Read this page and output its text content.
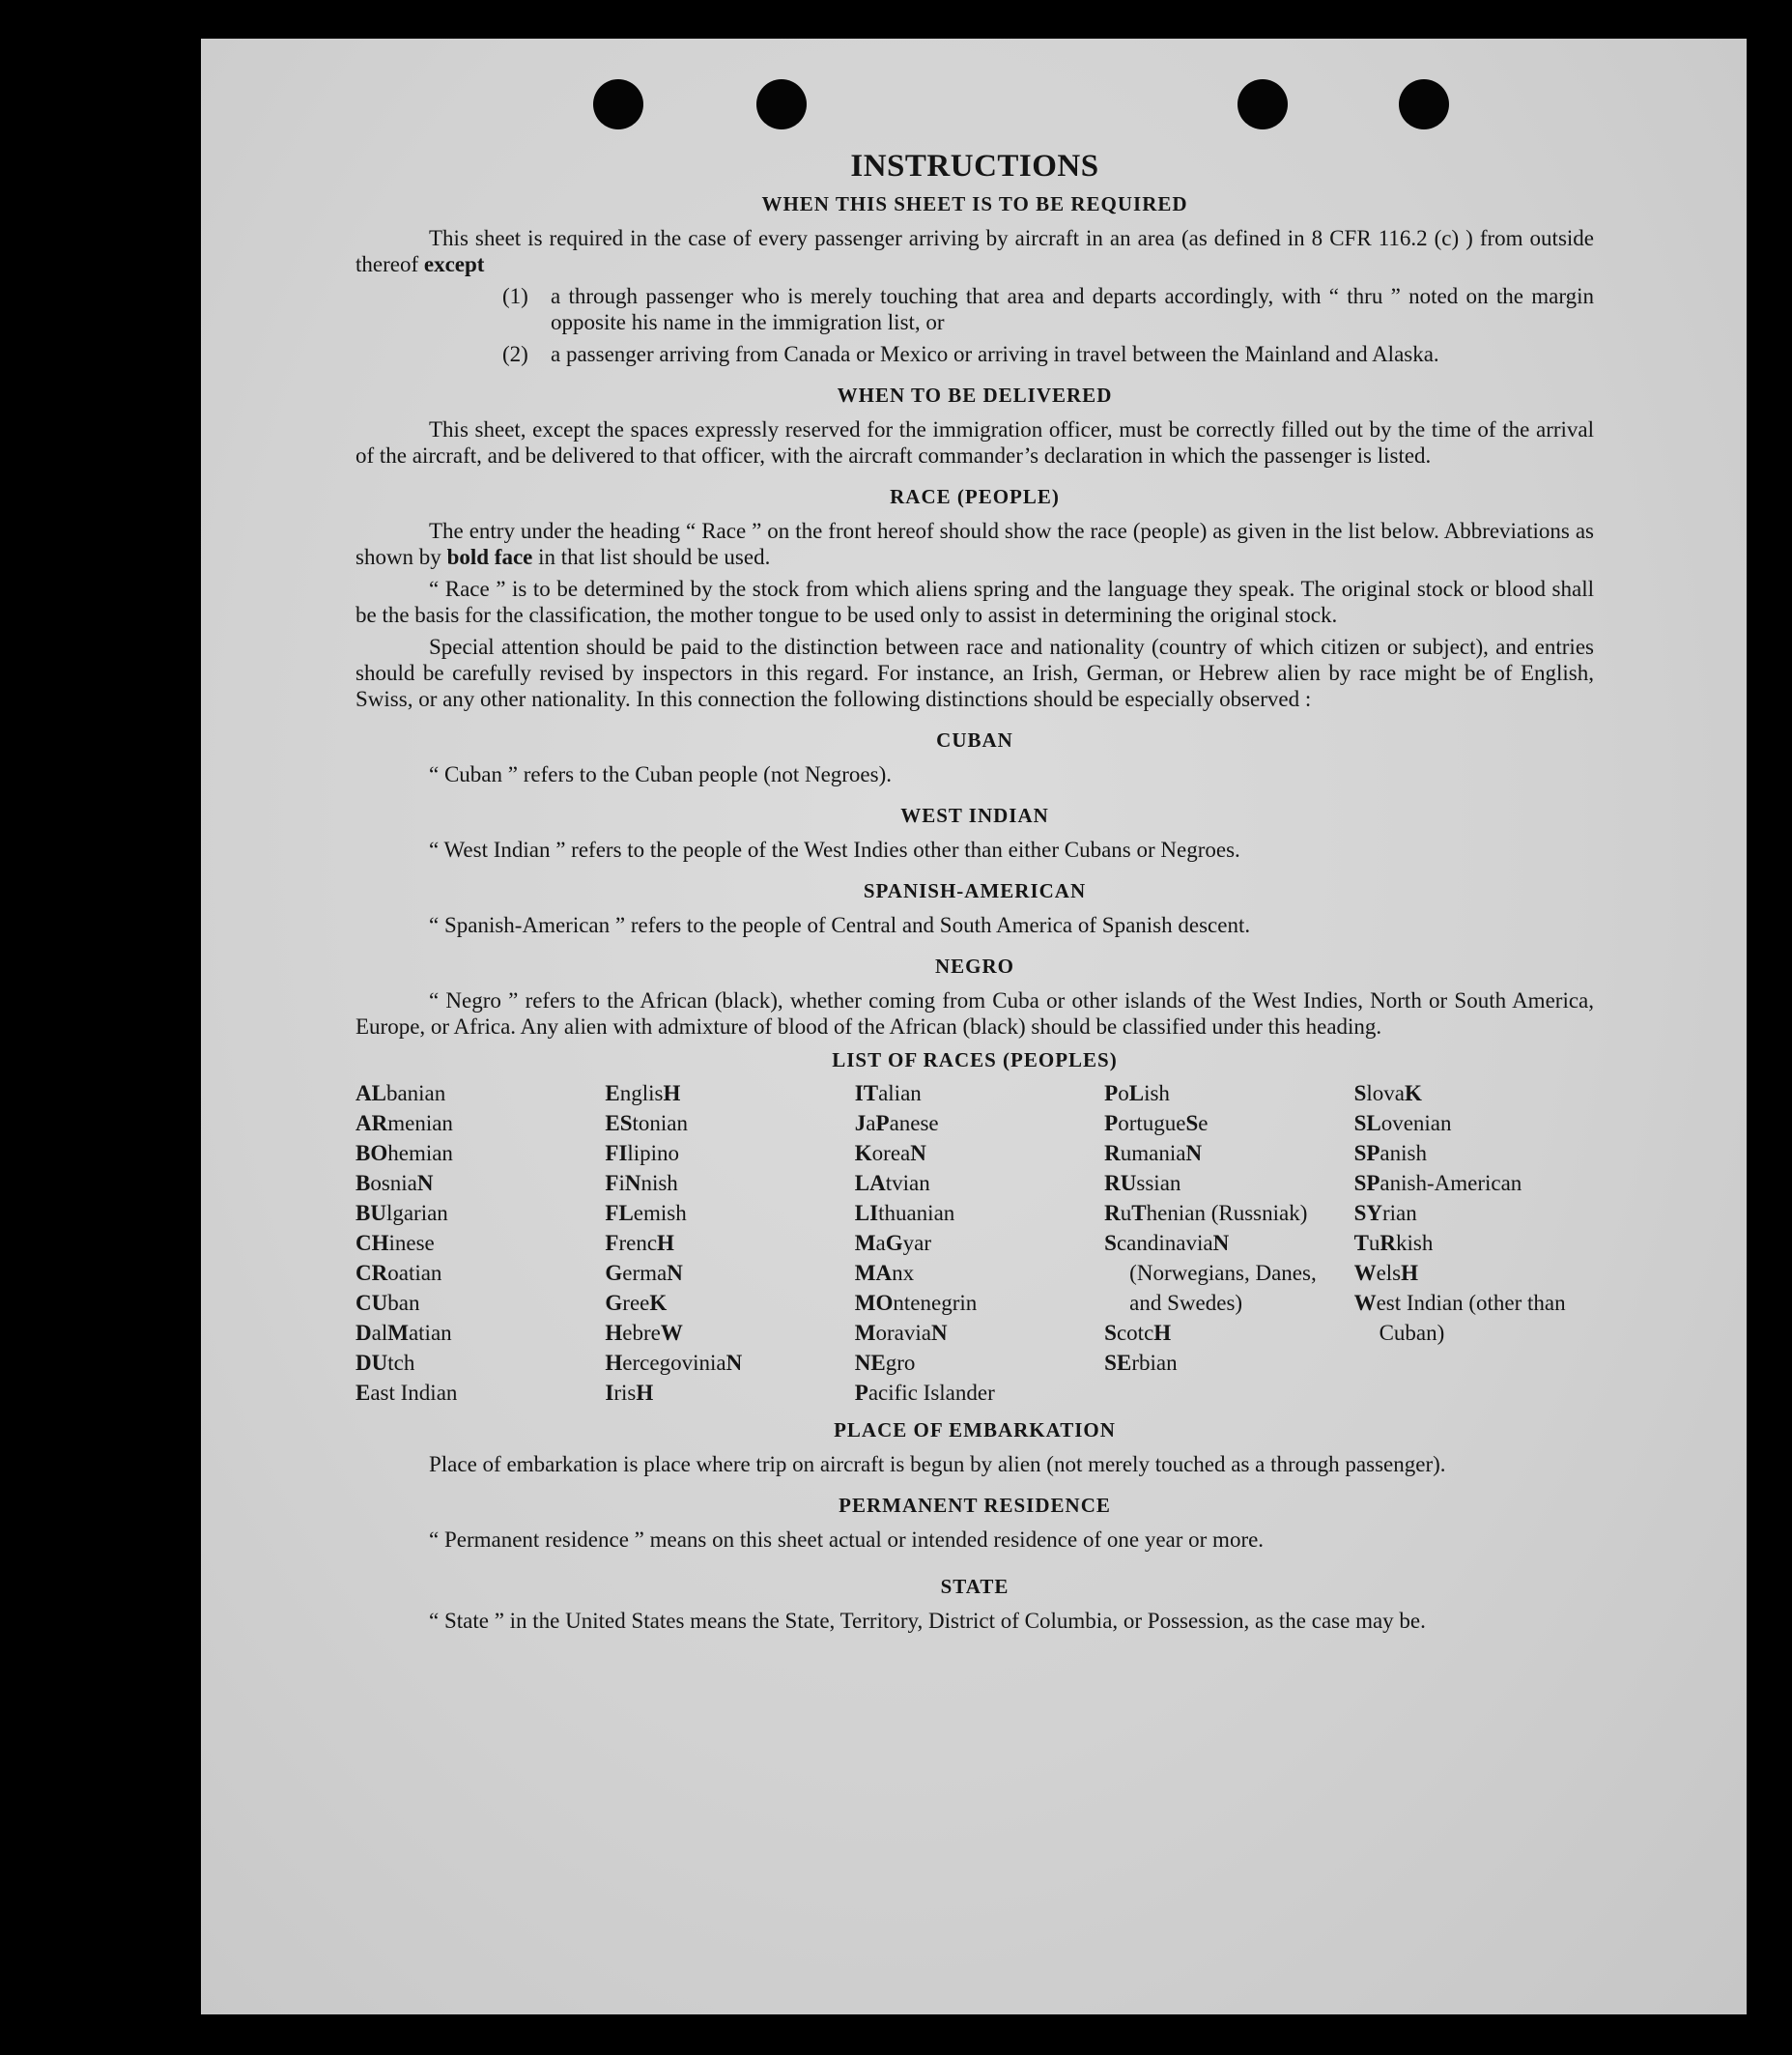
INSTRUCTIONS
WHEN THIS SHEET IS TO BE REQUIRED

This sheet is required in the case of every passenger arriving by aircraft in an area (as defined in 8 CFR 116.2 (c) ) from outside thereof except

(1) a through passenger who is merely touching that area and departs accordingly, with “ thru ” noted on the margin opposite his name in the immigration list, or
(2) a passenger arriving from Canada or Mexico or arriving in travel between the Mainland and Alaska.
WHEN TO BE DELIVERED

This sheet, except the spaces expressly reserved for the immigration officer, must be correctly filled out by the time of the arrival of the aircraft, and be delivered to that officer, with the aircraft commander’s declaration in which the passenger is listed.

RACE (PEOPLE)

The entry under the heading “ Race ” on the front hereof should show the race (people) as given in the list below. Abbreviations as shown by bold face in that list should be used.

“ Race ” is to be determined by the stock from which aliens spring and the language they speak. The original stock or blood shall be the basis for the classification, the mother tongue to be used only to assist in determining the original stock.

Special attention should be paid to the distinction between race and nationality (country of which citizen or subject), and entries should be carefully revised by inspectors in this regard. For instance, an Irish, German, or Hebrew alien by race might be of English, Swiss, or any other nationality. In this connection the following distinctions should be especially observed :

CUBAN

“ Cuban ” refers to the Cuban people (not Negroes).

WEST INDIAN

“ West Indian ” refers to the people of the West Indies other than either Cubans or Negroes.

SPANISH-AMERICAN

“ Spanish-American ” refers to the people of Central and South America of Spanish descent.

NEGRO

“ Negro ” refers to the African (black), whether coming from Cuba or other islands of the West Indies, North or South America, Europe, or Africa. Any alien with admixture of blood of the African (black) should be classified under this heading.

LIST OF RACES (PEOPLES)
ALbanian
ARmenian
BOhemian
BosniaN
BUlgarian
CHinese
CRoatian
CUban
DalMatian
DUtch
East Indian

EnglisH
EStonian
FIlipino
FiNnish
FLemish
FrencH
GermaN
GreeK
HebreW
HercegoviniaN
IrisH

ITalian
JaPanese
KoreaN
LAtvian
LIthuanian
MaGyar
MAnx
MOntenegrin
MoraviaN
NEgro
Pacific Islander

PoLish
PortugueSe
RumaniaN
RUssian
RuThenian (Russniak)
ScandinaviaN (Norwegians, Danes, and Swedes)
ScotcH
SErbian

SlovaK
SLovenian
SPanish
SPanish-American
SYrian
TuRkish
WelsH
West Indian (other than Cuban)
PLACE OF EMBARKATION

Place of embarkation is place where trip on aircraft is begun by alien (not merely touched as a through passenger).

PERMANENT RESIDENCE

“ Permanent residence ” means on this sheet actual or intended residence of one year or more.

STATE

“ State ” in the United States means the State, Territory, District of Columbia, or Possession, as the case may be.
